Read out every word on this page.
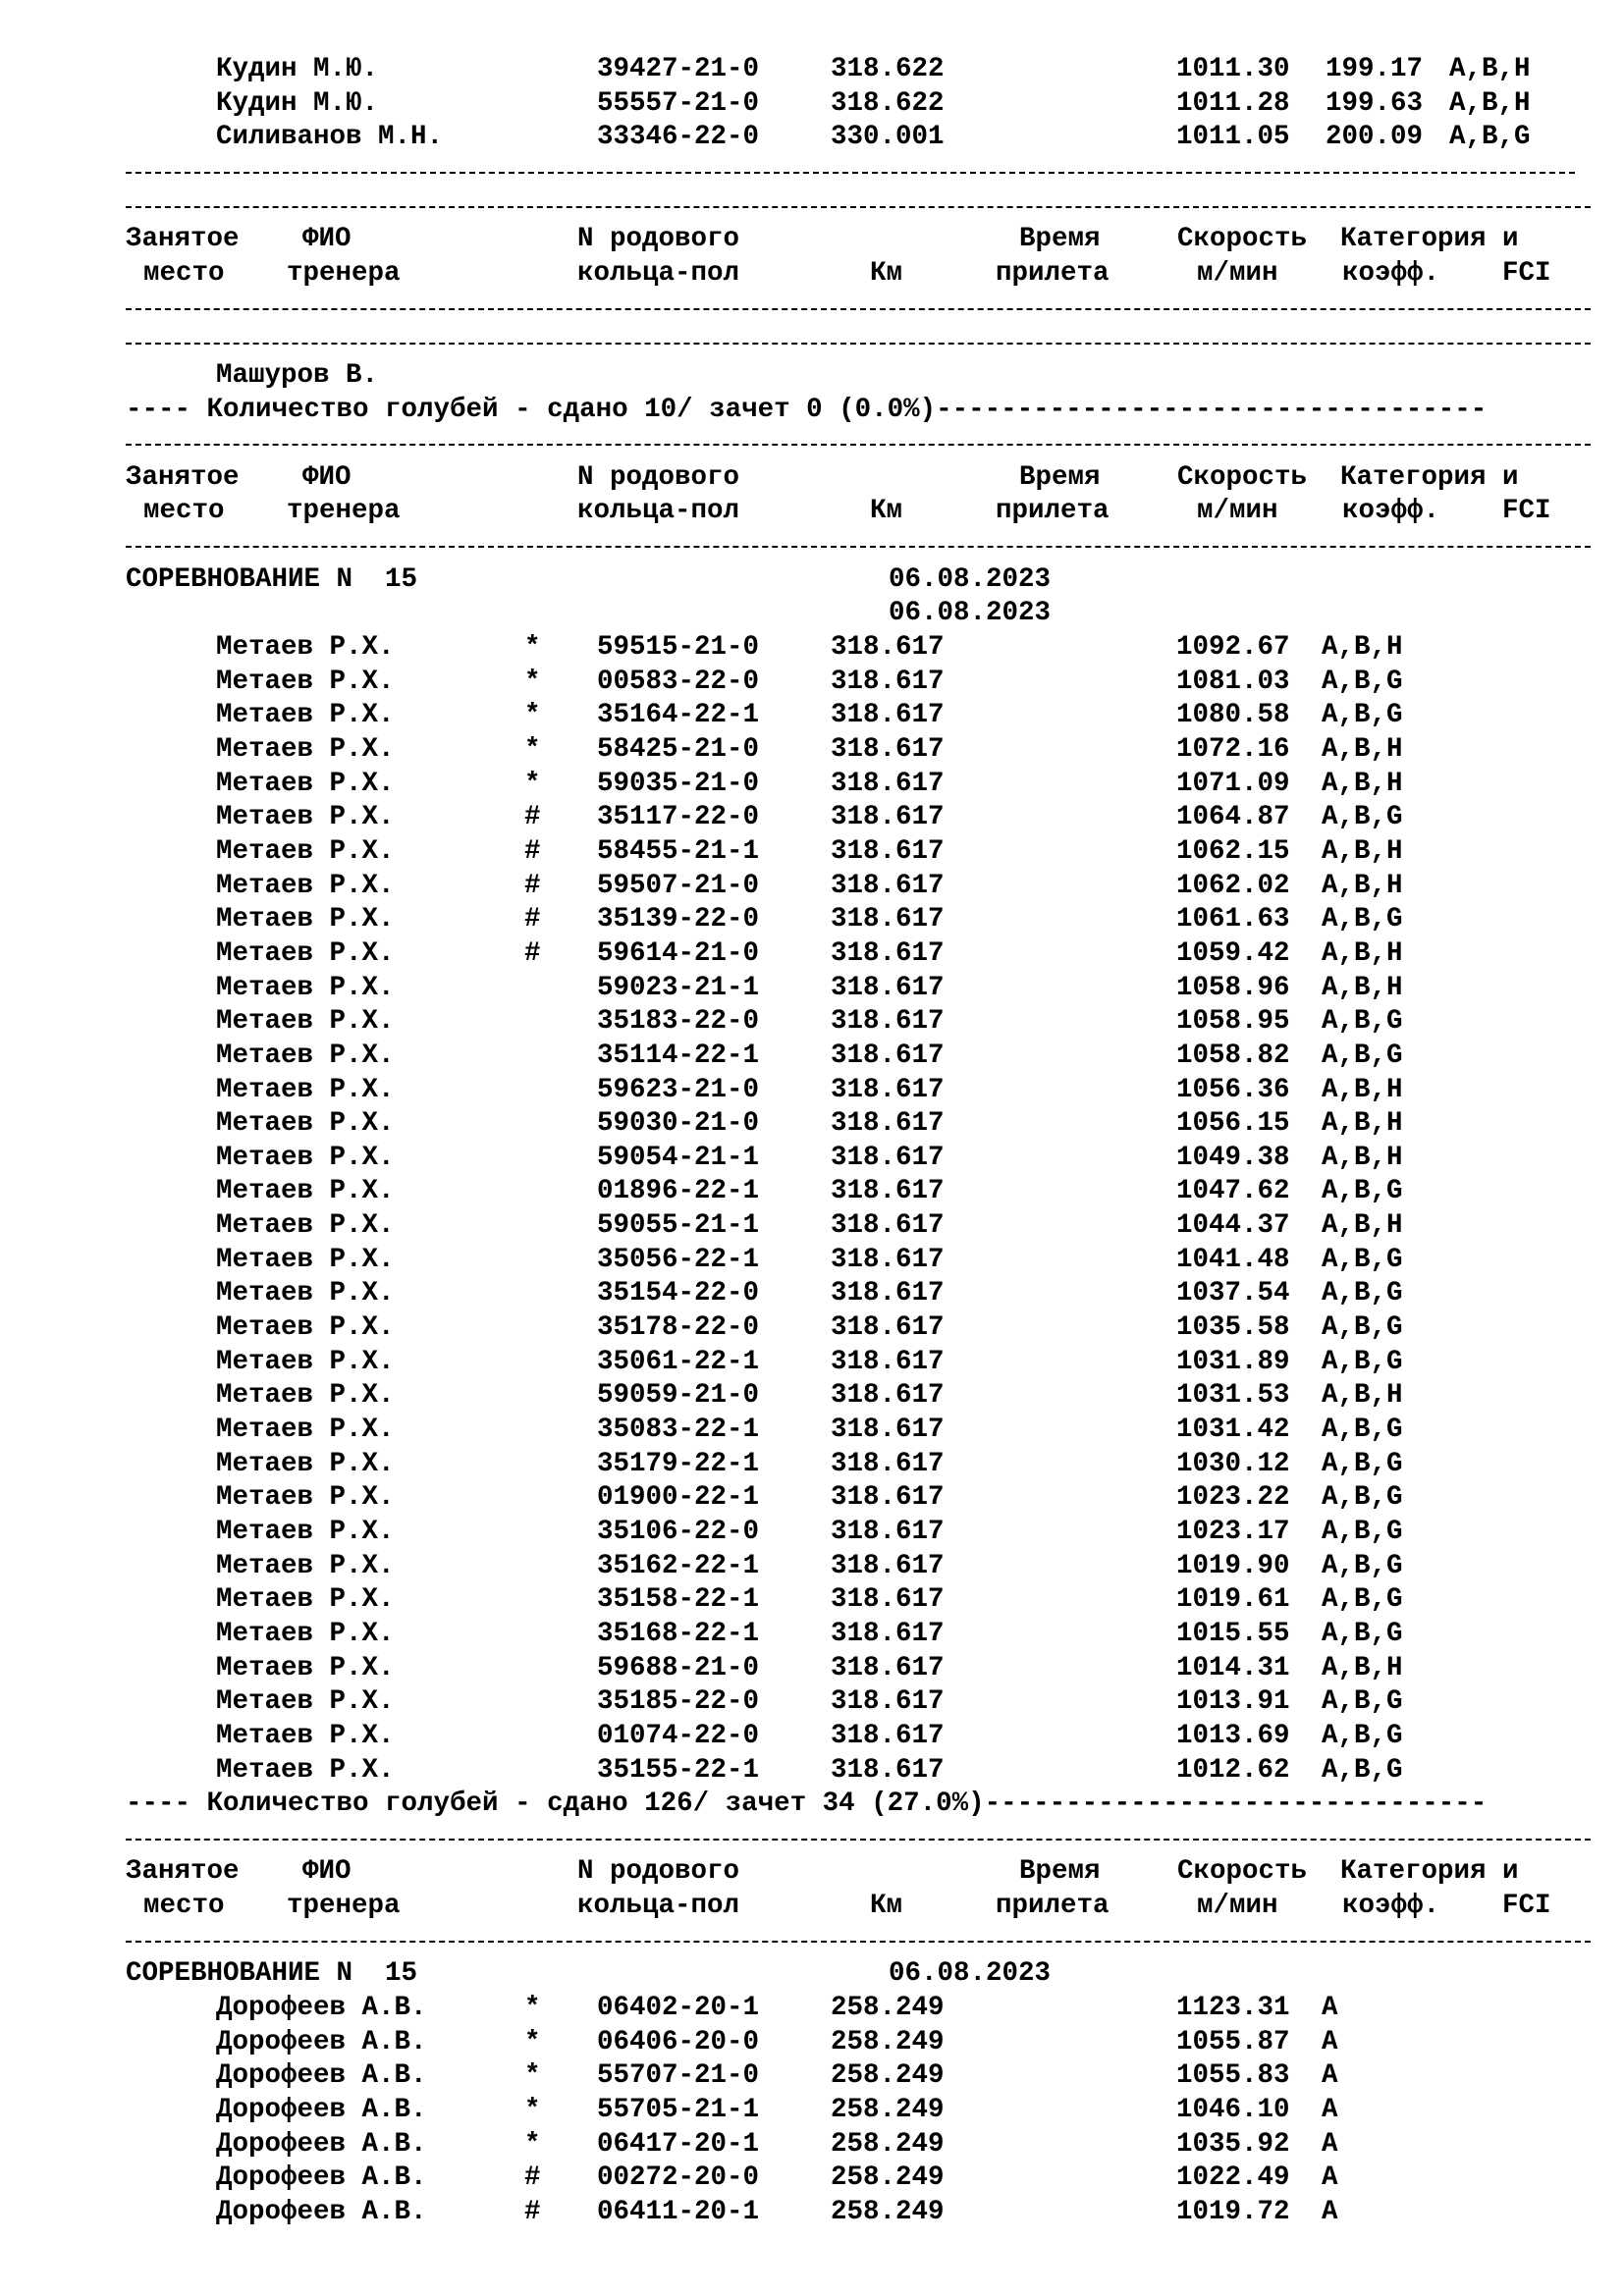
Кудин М.Ю.	39427-21-0	318.622	1011.30 199.17 A,B,H
Кудин М.Ю.	55557-21-0	318.622	1011.28 199.63 A,B,H
Силиванов М.Н.	33346-22-0	330.001	1011.05 200.09 A,B,G
Занятое ФИО	N родового	Время	Скорость Категория и
место тренера	кольца-пол	Км	прилета	м/мин коэфф. FCI
Машуров В.
---- Количество голубей - сдано 10/ зачет 0 (0.0%)----------------------------------
Занятое ФИО	N родового	Время	Скорость Категория и
место тренера	кольца-пол	Км	прилета	м/мин коэфф. FCI
СОРЕВНОВАНИЕ N  15	06.08.2023
06.08.2023
Метаев Р.Х.	* 59515-21-0	318.617	1092.67 A,B,H
Метаев Р.Х.	* 00583-22-0	318.617	1081.03 A,B,G
Метаев Р.Х.	* 35164-22-1	318.617	1080.58 A,B,G
Метаев Р.Х.	* 58425-21-0	318.617	1072.16 A,B,H
Метаев Р.Х.	* 59035-21-0	318.617	1071.09 A,B,H
Метаев Р.Х.	# 35117-22-0	318.617	1064.87 A,B,G
Метаев Р.Х.	# 58455-21-1	318.617	1062.15 A,B,H
Метаев Р.Х.	# 59507-21-0	318.617	1062.02 A,B,H
Метаев Р.Х.	# 35139-22-0	318.617	1061.63 A,B,G
Метаев Р.Х.	# 59614-21-0	318.617	1059.42 A,B,H
Метаев Р.Х.	59023-21-1	318.617	1058.96 A,B,H
Метаев Р.Х.	35183-22-0	318.617	1058.95 A,B,G
Метаев Р.Х.	35114-22-1	318.617	1058.82 A,B,G
Метаев Р.Х.	59623-21-0	318.617	1056.36 A,B,H
Метаев Р.Х.	59030-21-0	318.617	1056.15 A,B,H
Метаев Р.Х.	59054-21-1	318.617	1049.38 A,B,H
Метаев Р.Х.	01896-22-1	318.617	1047.62 A,B,G
Метаев Р.Х.	59055-21-1	318.617	1044.37 A,B,H
Метаев Р.Х.	35056-22-1	318.617	1041.48 A,B,G
Метаев Р.Х.	35154-22-0	318.617	1037.54 A,B,G
Метаев Р.Х.	35178-22-0	318.617	1035.58 A,B,G
Метаев Р.Х.	35061-22-1	318.617	1031.89 A,B,G
Метаев Р.Х.	59059-21-0	318.617	1031.53 A,B,H
Метаев Р.Х.	35083-22-1	318.617	1031.42 A,B,G
Метаев Р.Х.	35179-22-1	318.617	1030.12 A,B,G
Метаев Р.Х.	01900-22-1	318.617	1023.22 A,B,G
Метаев Р.Х.	35106-22-0	318.617	1023.17 A,B,G
Метаев Р.Х.	35162-22-1	318.617	1019.90 A,B,G
Метаев Р.Х.	35158-22-1	318.617	1019.61 A,B,G
Метаев Р.Х.	35168-22-1	318.617	1015.55 A,B,G
Метаев Р.Х.	59688-21-0	318.617	1014.31 A,B,H
Метаев Р.Х.	35185-22-0	318.617	1013.91 A,B,G
Метаев Р.Х.	01074-22-0	318.617	1013.69 A,B,G
Метаев Р.Х.	35155-22-1	318.617	1012.62 A,B,G
---- Количество голубей - сдано 126/ зачет 34 (27.0%)-------------------------------
Занятое ФИО	N родового	Время	Скорость Категория и
место тренера	кольца-пол	Км	прилета	м/мин коэфф. FCI
СОРЕВНОВАНИЕ N  15	06.08.2023
Дорофеев А.В.	* 06402-20-1	258.249	1123.31 A
Дорофеев А.В.	* 06406-20-0	258.249	1055.87 A
Дорофеев А.В.	* 55707-21-0	258.249	1055.83 A
Дорофеев А.В.	* 55705-21-1	258.249	1046.10 A
Дорофеев А.В.	* 06417-20-1	258.249	1035.92 A
Дорофеев А.В.	# 00272-20-0	258.249	1022.49 A
Дорофеев А.В.	# 06411-20-1	258.249	1019.72 A
